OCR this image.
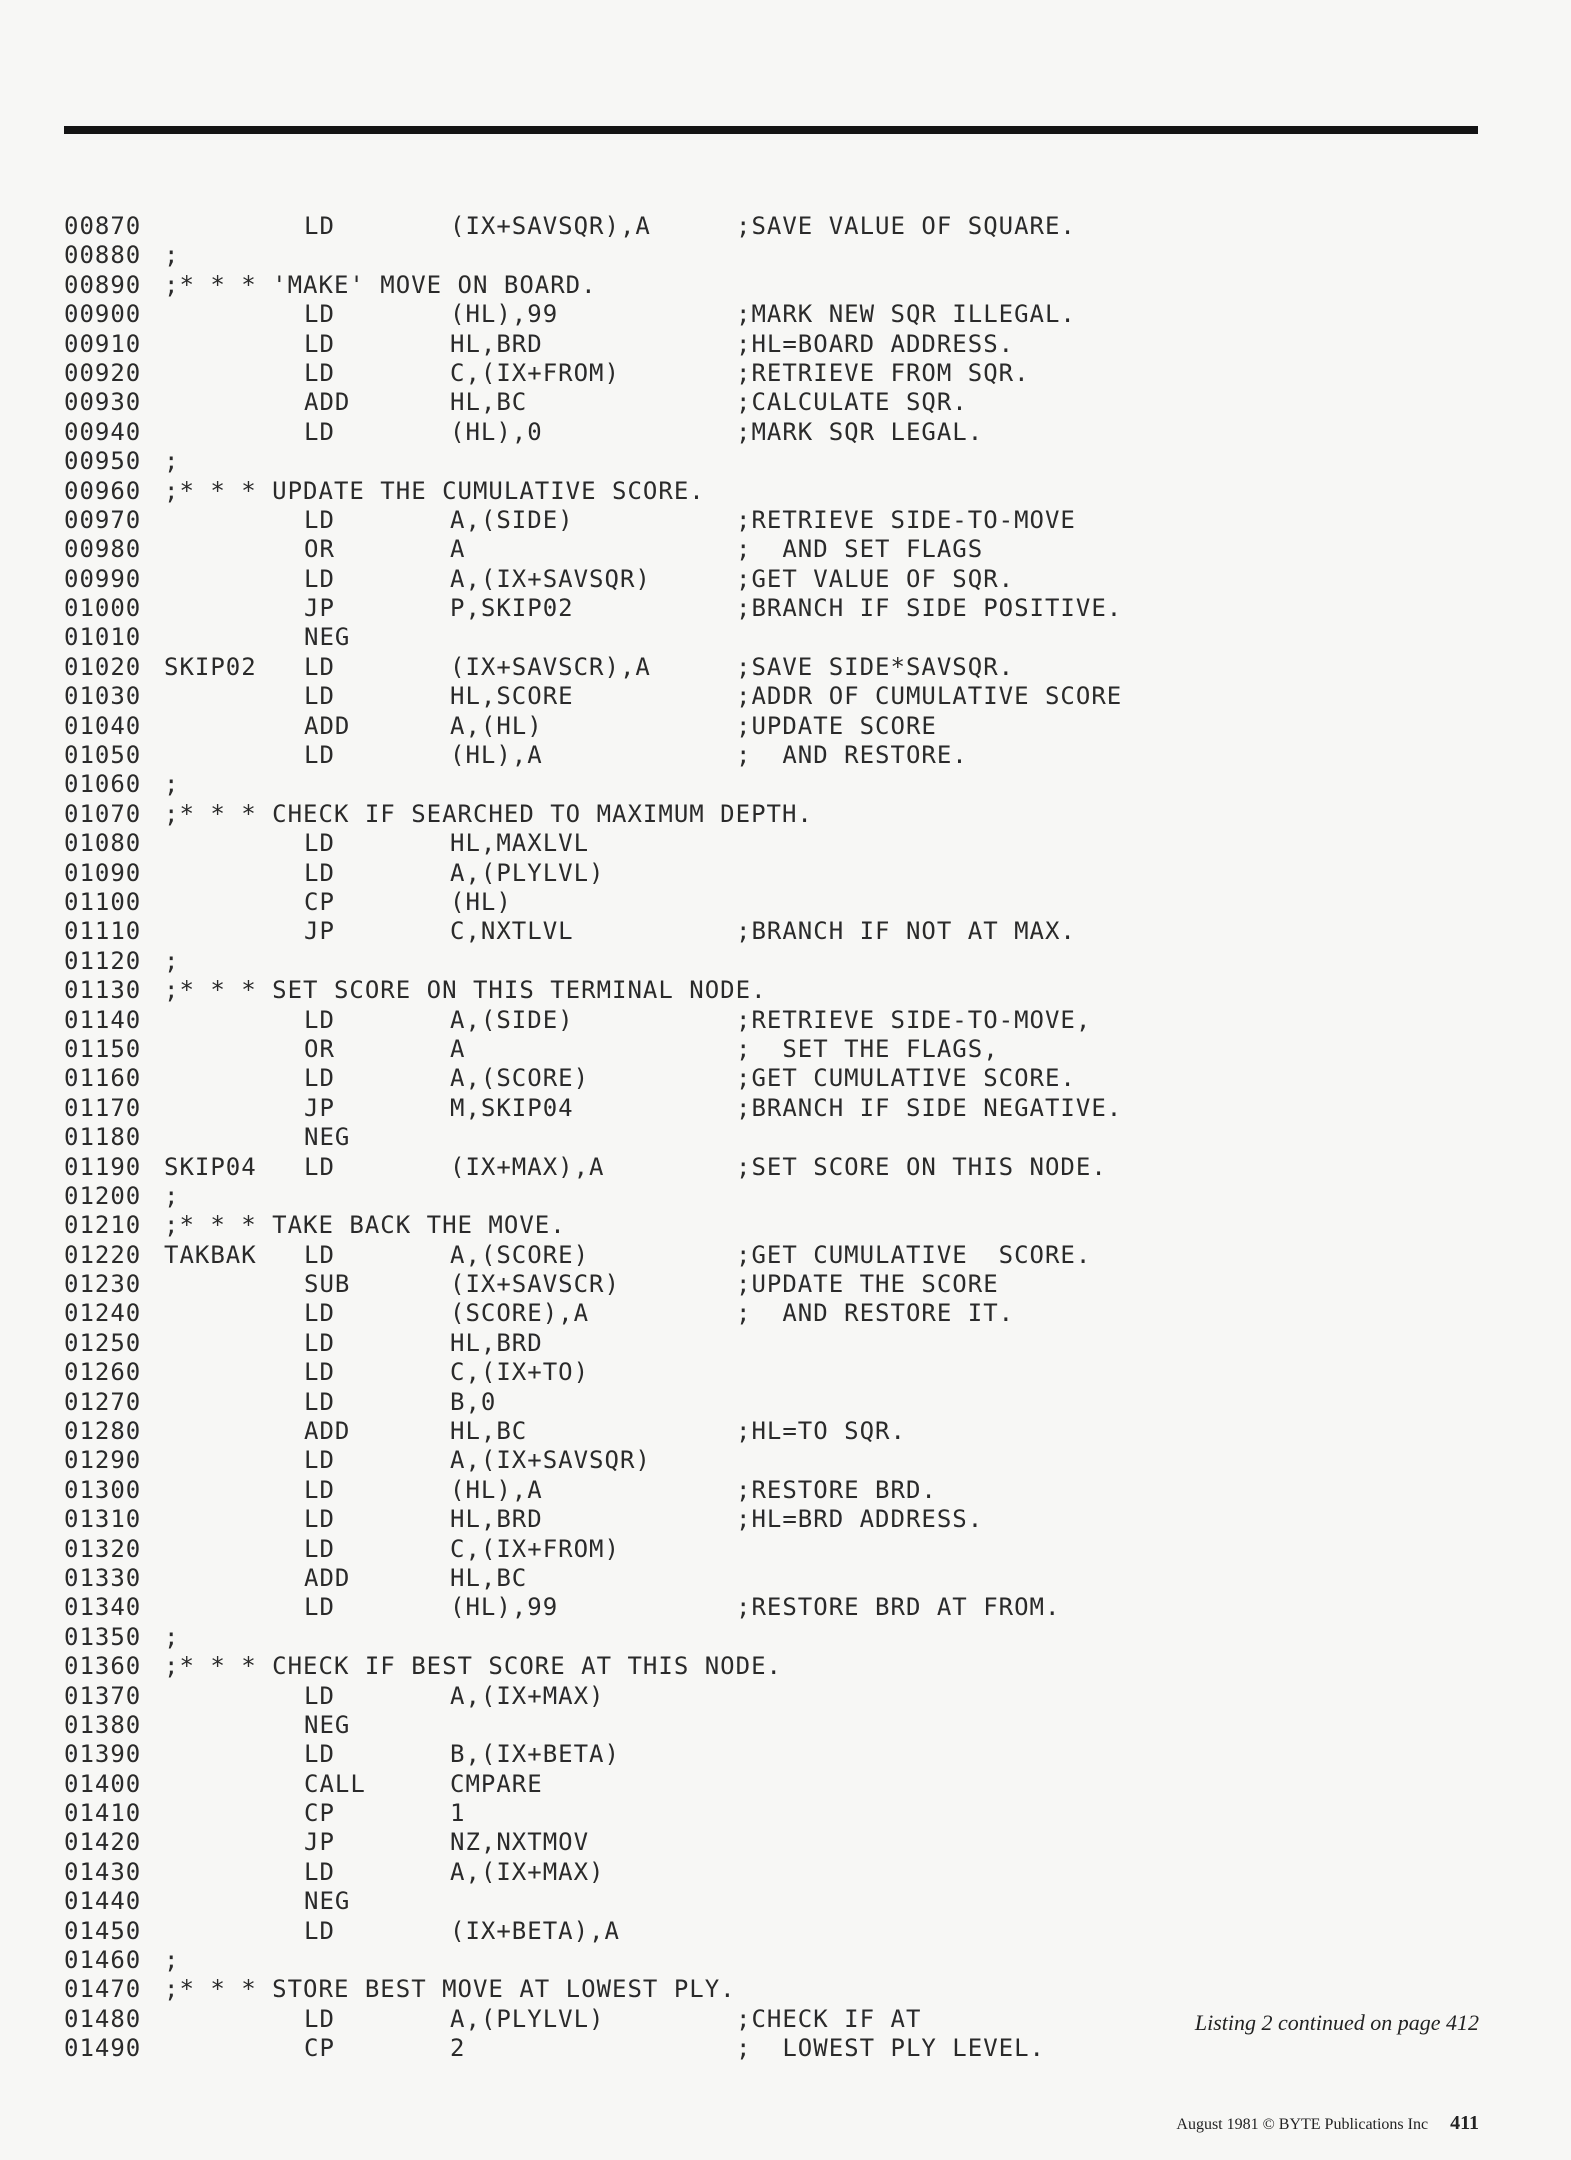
00870	LD	(IX+SAVSQR),A	;SAVE VALUE OF SQUARE.
00880 ;
00890 ;* * * 'MAKE' MOVE ON BOARD.
00900	LD	(HL),99	;MARK NEW SQR ILLEGAL.
00910	LD	HL,BRD	;HL=BOARD ADDRESS.
00920	LD	C,(IX+FROM)	;RETRIEVE FROM SQR.
00930	ADD	HL,BC	;CALCULATE SQR.
00940	LD	(HL),0	;MARK SQR LEGAL.
00950 ;
00960 ;* * * UPDATE THE CUMULATIVE SCORE.
00970	LD	A,(SIDE)	;RETRIEVE SIDE-TO-MOVE
00980	OR	A	;  AND SET FLAGS
00990	LD	A,(IX+SAVSQR)	;GET VALUE OF SQR.
01000	JP	P,SKIP02	;BRANCH IF SIDE POSITIVE.
01010	NEG
01020 SKIP02 LD	(IX+SAVSCR),A	;SAVE SIDE*SAVSQR.
01030	LD	HL,SCORE	;ADDR OF CUMULATIVE SCORE
01040	ADD	A,(HL)	;UPDATE SCORE
01050	LD	(HL),A	;  AND RESTORE.
01060 ;
01070 ;* * * CHECK IF SEARCHED TO MAXIMUM DEPTH.
01080	LD	HL,MAXLVL
01090	LD	A,(PLYLVL)
01100	CP	(HL)
01110	JP	C,NXTLVL	;BRANCH IF NOT AT MAX.
01120 ;
01130 ;* * * SET SCORE ON THIS TERMINAL NODE.
01140	LD	A,(SIDE)	;RETRIEVE SIDE-TO-MOVE,
01150	OR	A	;  SET THE FLAGS,
01160	LD	A,(SCORE)	;GET CUMULATIVE SCORE.
01170	JP	M,SKIP04	;BRANCH IF SIDE NEGATIVE.
01180	NEG
01190 SKIP04 LD	(IX+MAX),A	;SET SCORE ON THIS NODE.
01200 ;
01210 ;* * * TAKE BACK THE MOVE.
01220 TAKBAK LD	A,(SCORE)	;GET CUMULATIVE  SCORE.
01230	SUB	(IX+SAVSCR)	;UPDATE THE SCORE
01240	LD	(SCORE),A	;  AND RESTORE IT.
01250	LD	HL,BRD
01260	LD	C,(IX+TO)
01270	LD	B,0
01280	ADD	HL,BC	;HL=TO SQR.
01290	LD	A,(IX+SAVSQR)
01300	LD	(HL),A	;RESTORE BRD.
01310	LD	HL,BRD	;HL=BRD ADDRESS.
01320	LD	C,(IX+FROM)
01330	ADD	HL,BC
01340	LD	(HL),99	;RESTORE BRD AT FROM.
01350 ;
01360 ;* * * CHECK IF BEST SCORE AT THIS NODE.
01370	LD	A,(IX+MAX)
01380	NEG
01390	LD	B,(IX+BETA)
01400	CALL	CMPARE
01410	CP	1
01420	JP	NZ,NXTMOV
01430	LD	A,(IX+MAX)
01440	NEG
01450	LD	(IX+BETA),A
01460 ;
01470 ;* * * STORE BEST MOVE AT LOWEST PLY.
01480	LD	A,(PLYLVL)	;CHECK IF AT
01490	CP	2	;  LOWEST PLY LEVEL.
Listing 2 continued on page 412
August 1981 © BYTE Publications Inc 411
